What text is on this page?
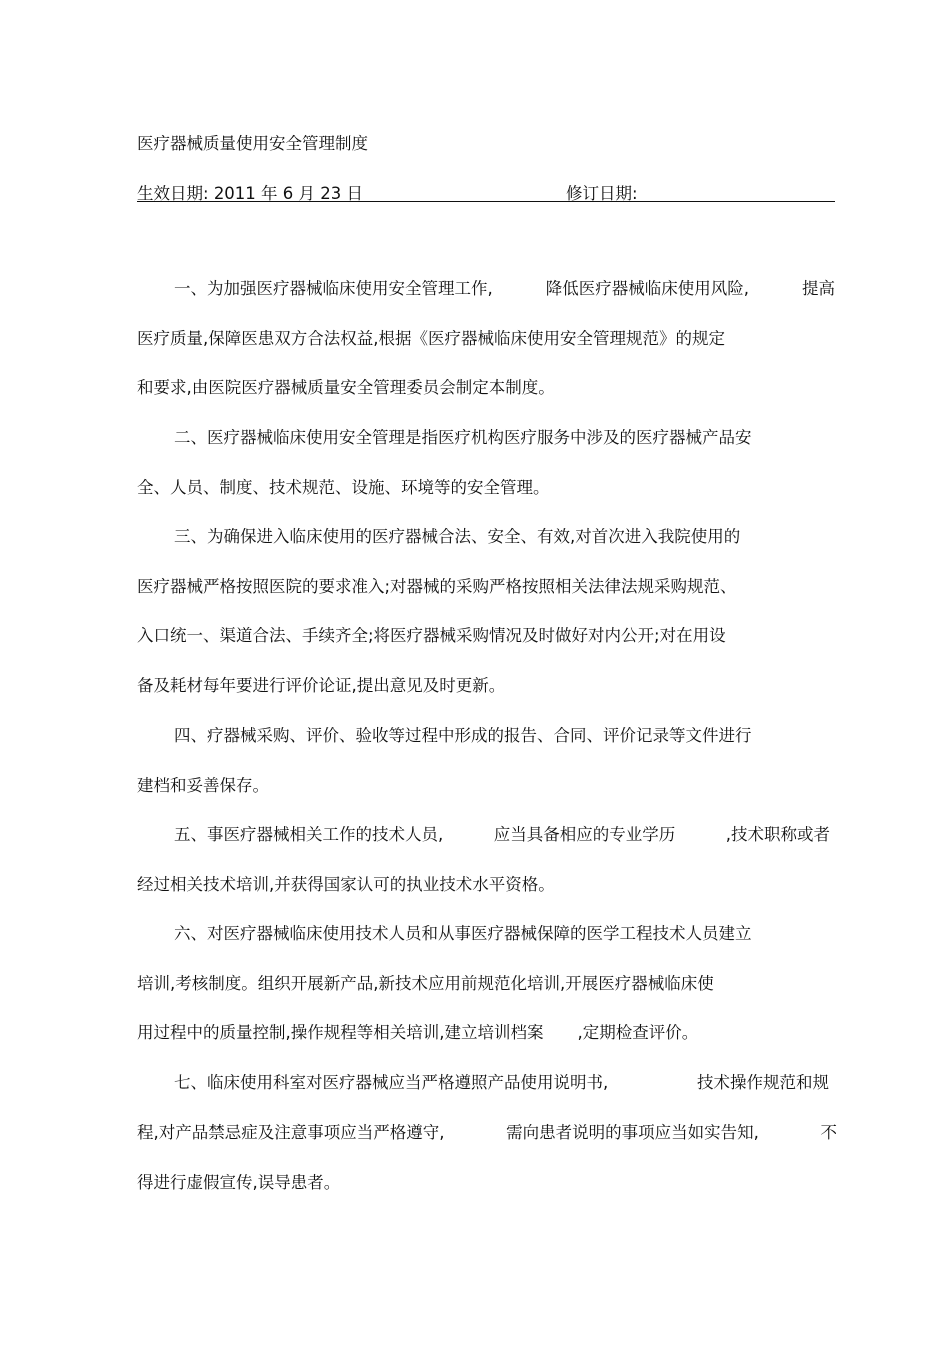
医疗器械质量使用安全管理制度
生效日期: 2011 年 6 月 23 日	修订日期:
一、为加强医疗器械临床使用安全管理工作,	降低医疗器械临床使用风险,	提高
医疗质量,保障医患双方合法权益,根据《医疗器械临床使用安全管理规范》的规定
和要求,由医院医疗器械质量安全管理委员会制定本制度。
二、医疗器械临床使用安全管理是指医疗机构医疗服务中涉及的医疗器械产品安
全、人员、制度、技术规范、设施、环境等的安全管理。
三、为确保进入临床使用的医疗器械合法、安全、有效,对首次进入我院使用的
医疗器械严格按照医院的要求准入;对器械的采购严格按照相关法律法规采购规范、
入口统一、渠道合法、手续齐全;将医疗器械采购情况及时做好对内公开;对在用设
备及耗材每年要进行评价论证,提出意见及时更新。
四、疗器械采购、评价、验收等过程中形成的报告、合同、评价记录等文件进行
建档和妥善保存。
五、事医疗器械相关工作的技术人员,	应当具备相应的专业学历	,技术职称或者
经过相关技术培训,并获得国家认可的执业技术水平资格。
六、对医疗器械临床使用技术人员和从事医疗器械保障的医学工程技术人员建立
培训,考核制度。组织开展新产品,新技术应用前规范化培训,开展医疗器械临床使
用过程中的质量控制,操作规程等相关培训,建立培训档案 ,定期检查评价。
七、临床使用科室对医疗器械应当严格遵照产品使用说明书,	技术操作规范和规
程,对产品禁忌症及注意事项应当严格遵守,	需向患者说明的事项应当如实告知,	不
得进行虚假宣传,误导患者。
